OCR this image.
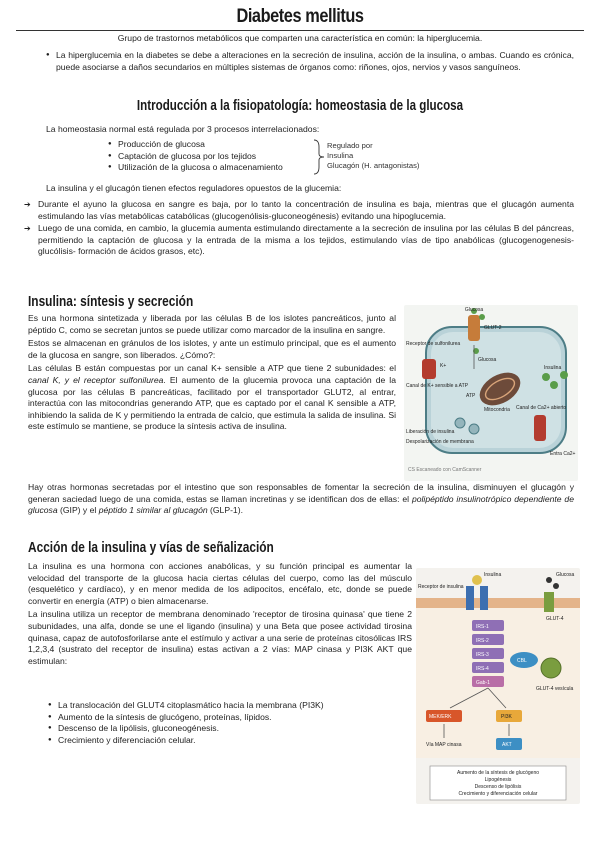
Diabetes mellitus

Grupo de trastornos metabólicos que comparten una característica en común: la hiperglucemia.

● La hiperglucemia en la diabetes se debe a alteraciones en la secreción de insulina, acción de la insulina, o ambas. Cuando es crónica, puede asociarse a daños secundarios en múltiples sistemas de órganos como: riñones, ojos, nervios y vasos sanguíneos.
Introducción a la fisiopatología: homeostasia de la glucosa

La homeostasia normal está regulada por 3 procesos interrelacionados:

● Producción de glucosa
● Captación de glucosa por los tejidos
● Utilización de la glucosa o almacenamiento
Regulado por
Insulina
Glucagón (H. antagonistas)

La insulina y el glucagón tienen efectos reguladores opuestos de la glucemia:

➔ Durante el ayuno la glucosa en sangre es baja, por lo tanto la concentración de insulina es baja, mientras que el glucagón aumenta estimulando las vías metabólicas catabólicas (glucogenólisis-gluconeogénesis) evitando una hipoglucemia.
➔ Luego de una comida, en cambio, la glucemia aumenta estimulando directamente a la secreción de insulina por las células B del páncreas, permitiendo la captación de glucosa y la entrada de la misma a los tejidos, estimulando vías de tipo anabólicas (glucogenogenesis- glucólisis- formación de ácidos grasos, etc).
Insulina: síntesis y secreción

Es una hormona sintetizada y liberada por las células B de los islotes pancreáticos, junto al péptido C, como se secretan juntos se puede utilizar como marcador de la insulina en sangre.

Estos se almacenan en gránulos de los islotes, y ante un estímulo principal, que es el aumento de la glucosa en sangre, son liberados. ¿Cómo?:

Las células B están compuestas por un canal K+ sensible a ATP que tiene 2 subunidades: el canal K, y el receptor sulfonilurea. El aumento de la glucemia provoca una captación de la glucosa por las células B pancreáticas, facilitado por el transportador GLUT2, al entrar, interactúa con las mitocondrias generando ATP, que es captado por el canal K sensible a ATP, inhibiendo la salida de K y permitiendo la entrada de calcio, que estimula la salida de insulina. Si este estímulo se mantiene, se produce la síntesis activa de insulina.

Hay otras hormonas secretadas por el intestino que son responsables de fomentar la secreción de la insulina, disminuyen el glucagón y generan saciedad luego de una comida, estas se llaman incretinas y se identifican dos de ellas: el polipéptido insulinotrópico dependiente de glucosa (GIP) y el péptido 1 similar al glucagón (GLP-1).

Glucosa
GLUT-2
Receptor de sulfonilurea
Glucosa
K+
Canal de K+ sensible a ATP
ATP
Mitocondria
Liberación de insulina
Canal de Ca2+ abierto
Entra Ca2+
Insulina
Despolarización de membrana
CS Escaneado con CamScanner
Acción de la insulina y vías de señalización

La insulina es una hormona con acciones anabólicas, y su función principal es aumentar la velocidad del transporte de la glucosa hacia ciertas células del cuerpo, como las del músculo (esquelético y cardíaco), y en menor medida de los adipocitos, encéfalo, etc, donde se puede convertir en energía (ATP) o bien almacenarse.

La insulina utiliza un receptor de membrana denominado 'receptor de tirosina quinasa' que tiene 2 subunidades, una alfa, donde se une el ligando (insulina) y una Beta que posee actividad tirosina quinasa, capaz de autofosforilarse ante el estímulo y activar a una serie de proteínas citosólicas IRS 1,2,3,4 (sustrato del receptor de insulina) estas activan a 2 vías: MAP cinasa y PI3K AKT que estimulan:

● La translocación del GLUT4 citoplasmático hacia la membrana (PI3K)
● Aumento de la síntesis de glucógeno, proteínas, lípidos.
● Descenso de la lipólisis, gluconeogénesis.
● Crecimiento y diferenciación celular.
Receptor de insulina
Glucosa
Insulina
GLUT-4
IRS-1
IRS-2
IRS-3
IRS-4
Gab-1
CBL
MEK/ERK	PI3K
AKT
Vía MAP cinasa
GLUT-4 vesícula
Aumento de la síntesis de glucógeno
Lipogénesis
Descenso de lipólisis
Crecimiento y diferenciación celular
